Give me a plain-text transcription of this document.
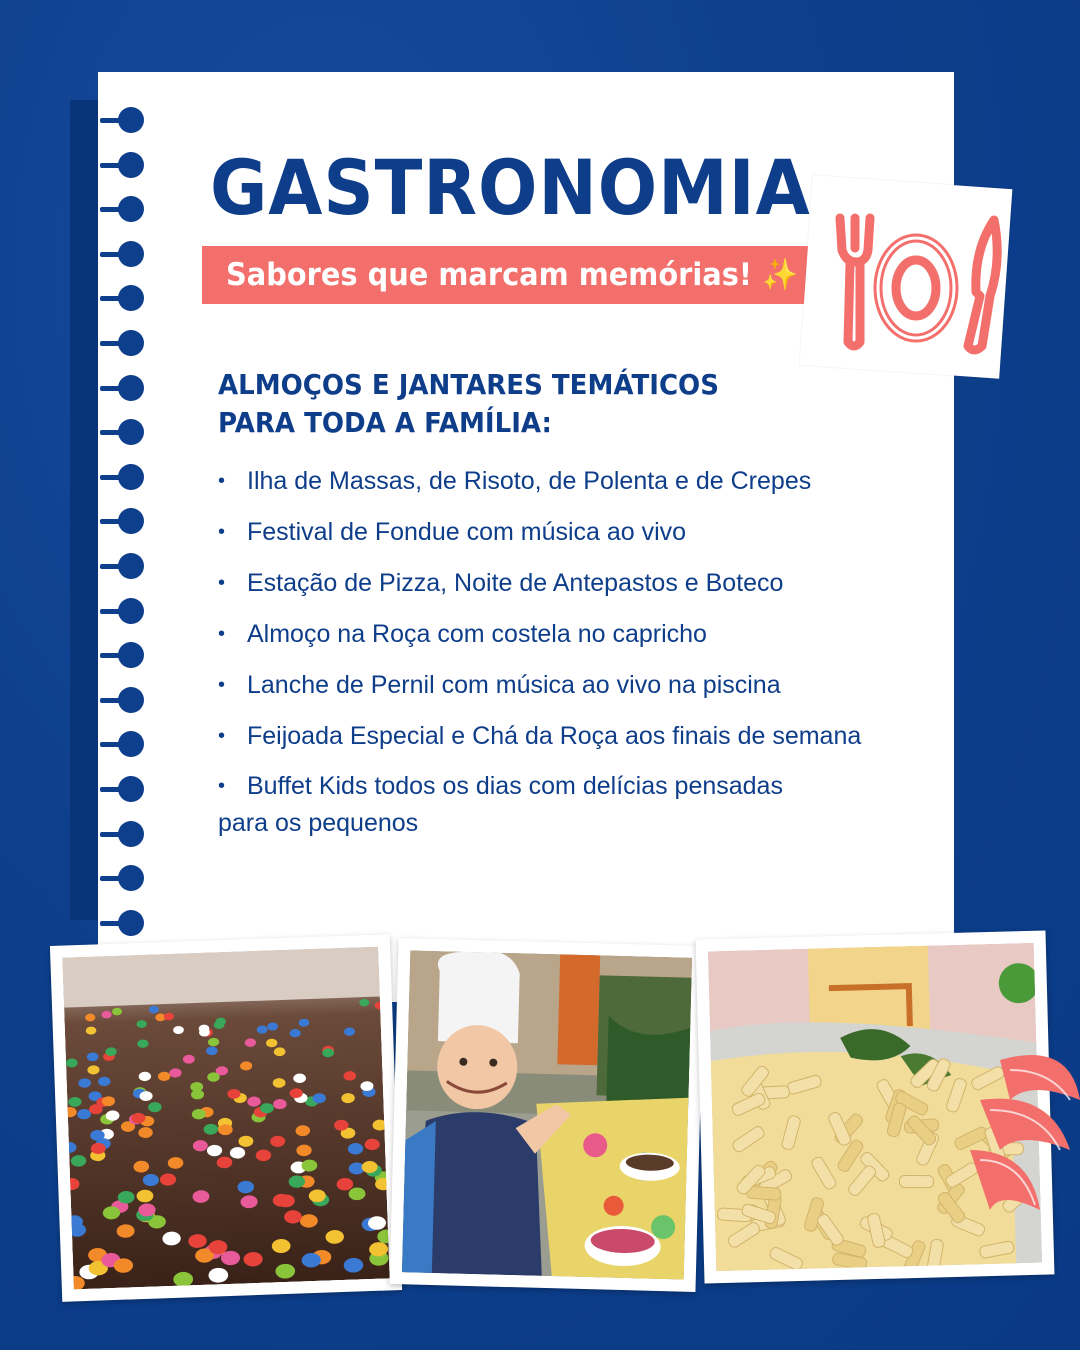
GASTRONOMIA
Sabores que marcam memórias! ✨
ALMOÇOS E JANTARES TEMÁTICOS
PARA TODA A FAMÍLIA:
• Ilha de Massas, de Risoto, de Polenta e de Crepes
• Festival de Fondue com música ao vivo
• Estação de Pizza, Noite de Antepastos e Boteco
• Almoço na Roça com costela no capricho
• Lanche de Pernil com música ao vivo na piscina
• Feijoada Especial e Chá da Roça aos finais de semana
• Buffet Kids todos os dias com delícias pensadas para os pequenos
